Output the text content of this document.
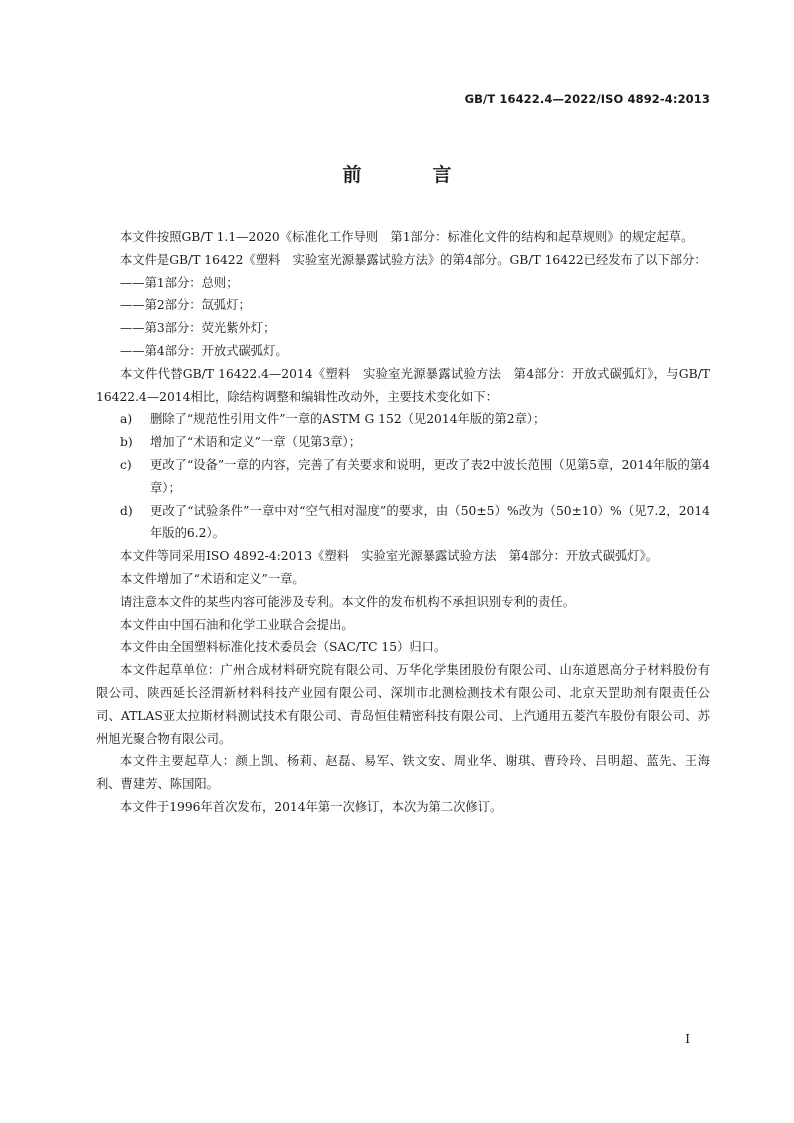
GB/T 16422.4—2022/ISO 4892-4:2013
前　言

本文件按照GB/T 1.1—2020《标准化工作导则　第1部分：标准化文件的结构和起草规则》的规定起草。

本文件是GB/T 16422《塑料　实验室光源暴露试验方法》的第4部分。GB/T 16422已经发布了以下部分：

——第1部分：总则；

——第2部分：氙弧灯；

——第3部分：荧光紫外灯；

——第4部分：开放式碳弧灯。

本文件代替GB/T 16422.4—2014《塑料　实验室光源暴露试验方法　第4部分：开放式碳弧灯》，与GB/T 16422.4—2014相比，除结构调整和编辑性改动外，主要技术变化如下：

a) 删除了“规范性引用文件”一章的ASTM G 152（见2014年版的第2章）；

b) 增加了“术语和定义”一章（见第3章）；

c) 更改了“设备”一章的内容，完善了有关要求和说明，更改了表2中波长范围（见第5章，2014年版的第4章）；

d) 更改了“试验条件”一章中对“空气相对湿度”的要求，由（50±5）%改为（50±10）%（见7.2，2014年版的6.2）。

本文件等同采用ISO 4892-4:2013《塑料　实验室光源暴露试验方法　第4部分：开放式碳弧灯》。

本文件增加了“术语和定义”一章。

请注意本文件的某些内容可能涉及专利。本文件的发布机构不承担识别专利的责任。

本文件由中国石油和化学工业联合会提出。

本文件由全国塑料标准化技术委员会（SAC/TC 15）归口。

本文件起草单位：广州合成材料研究院有限公司、万华化学集团股份有限公司、山东道恩高分子材料股份有限公司、陕西延长泾渭新材料科技产业园有限公司、深圳市北测检测技术有限公司、北京天罡助剂有限责任公司、ATLAS亚太拉斯材料测试技术有限公司、青岛恒佳精密科技有限公司、上汽通用五菱汽车股份有限公司、苏州旭光聚合物有限公司。

本文件主要起草人：颜上凯、杨莉、赵磊、易军、铁文安、周业华、谢琪、曹玲玲、吕明超、蓝先、王海利、曹建芳、陈国阳。

本文件于1996年首次发布，2014年第一次修订，本次为第二次修订。

I
